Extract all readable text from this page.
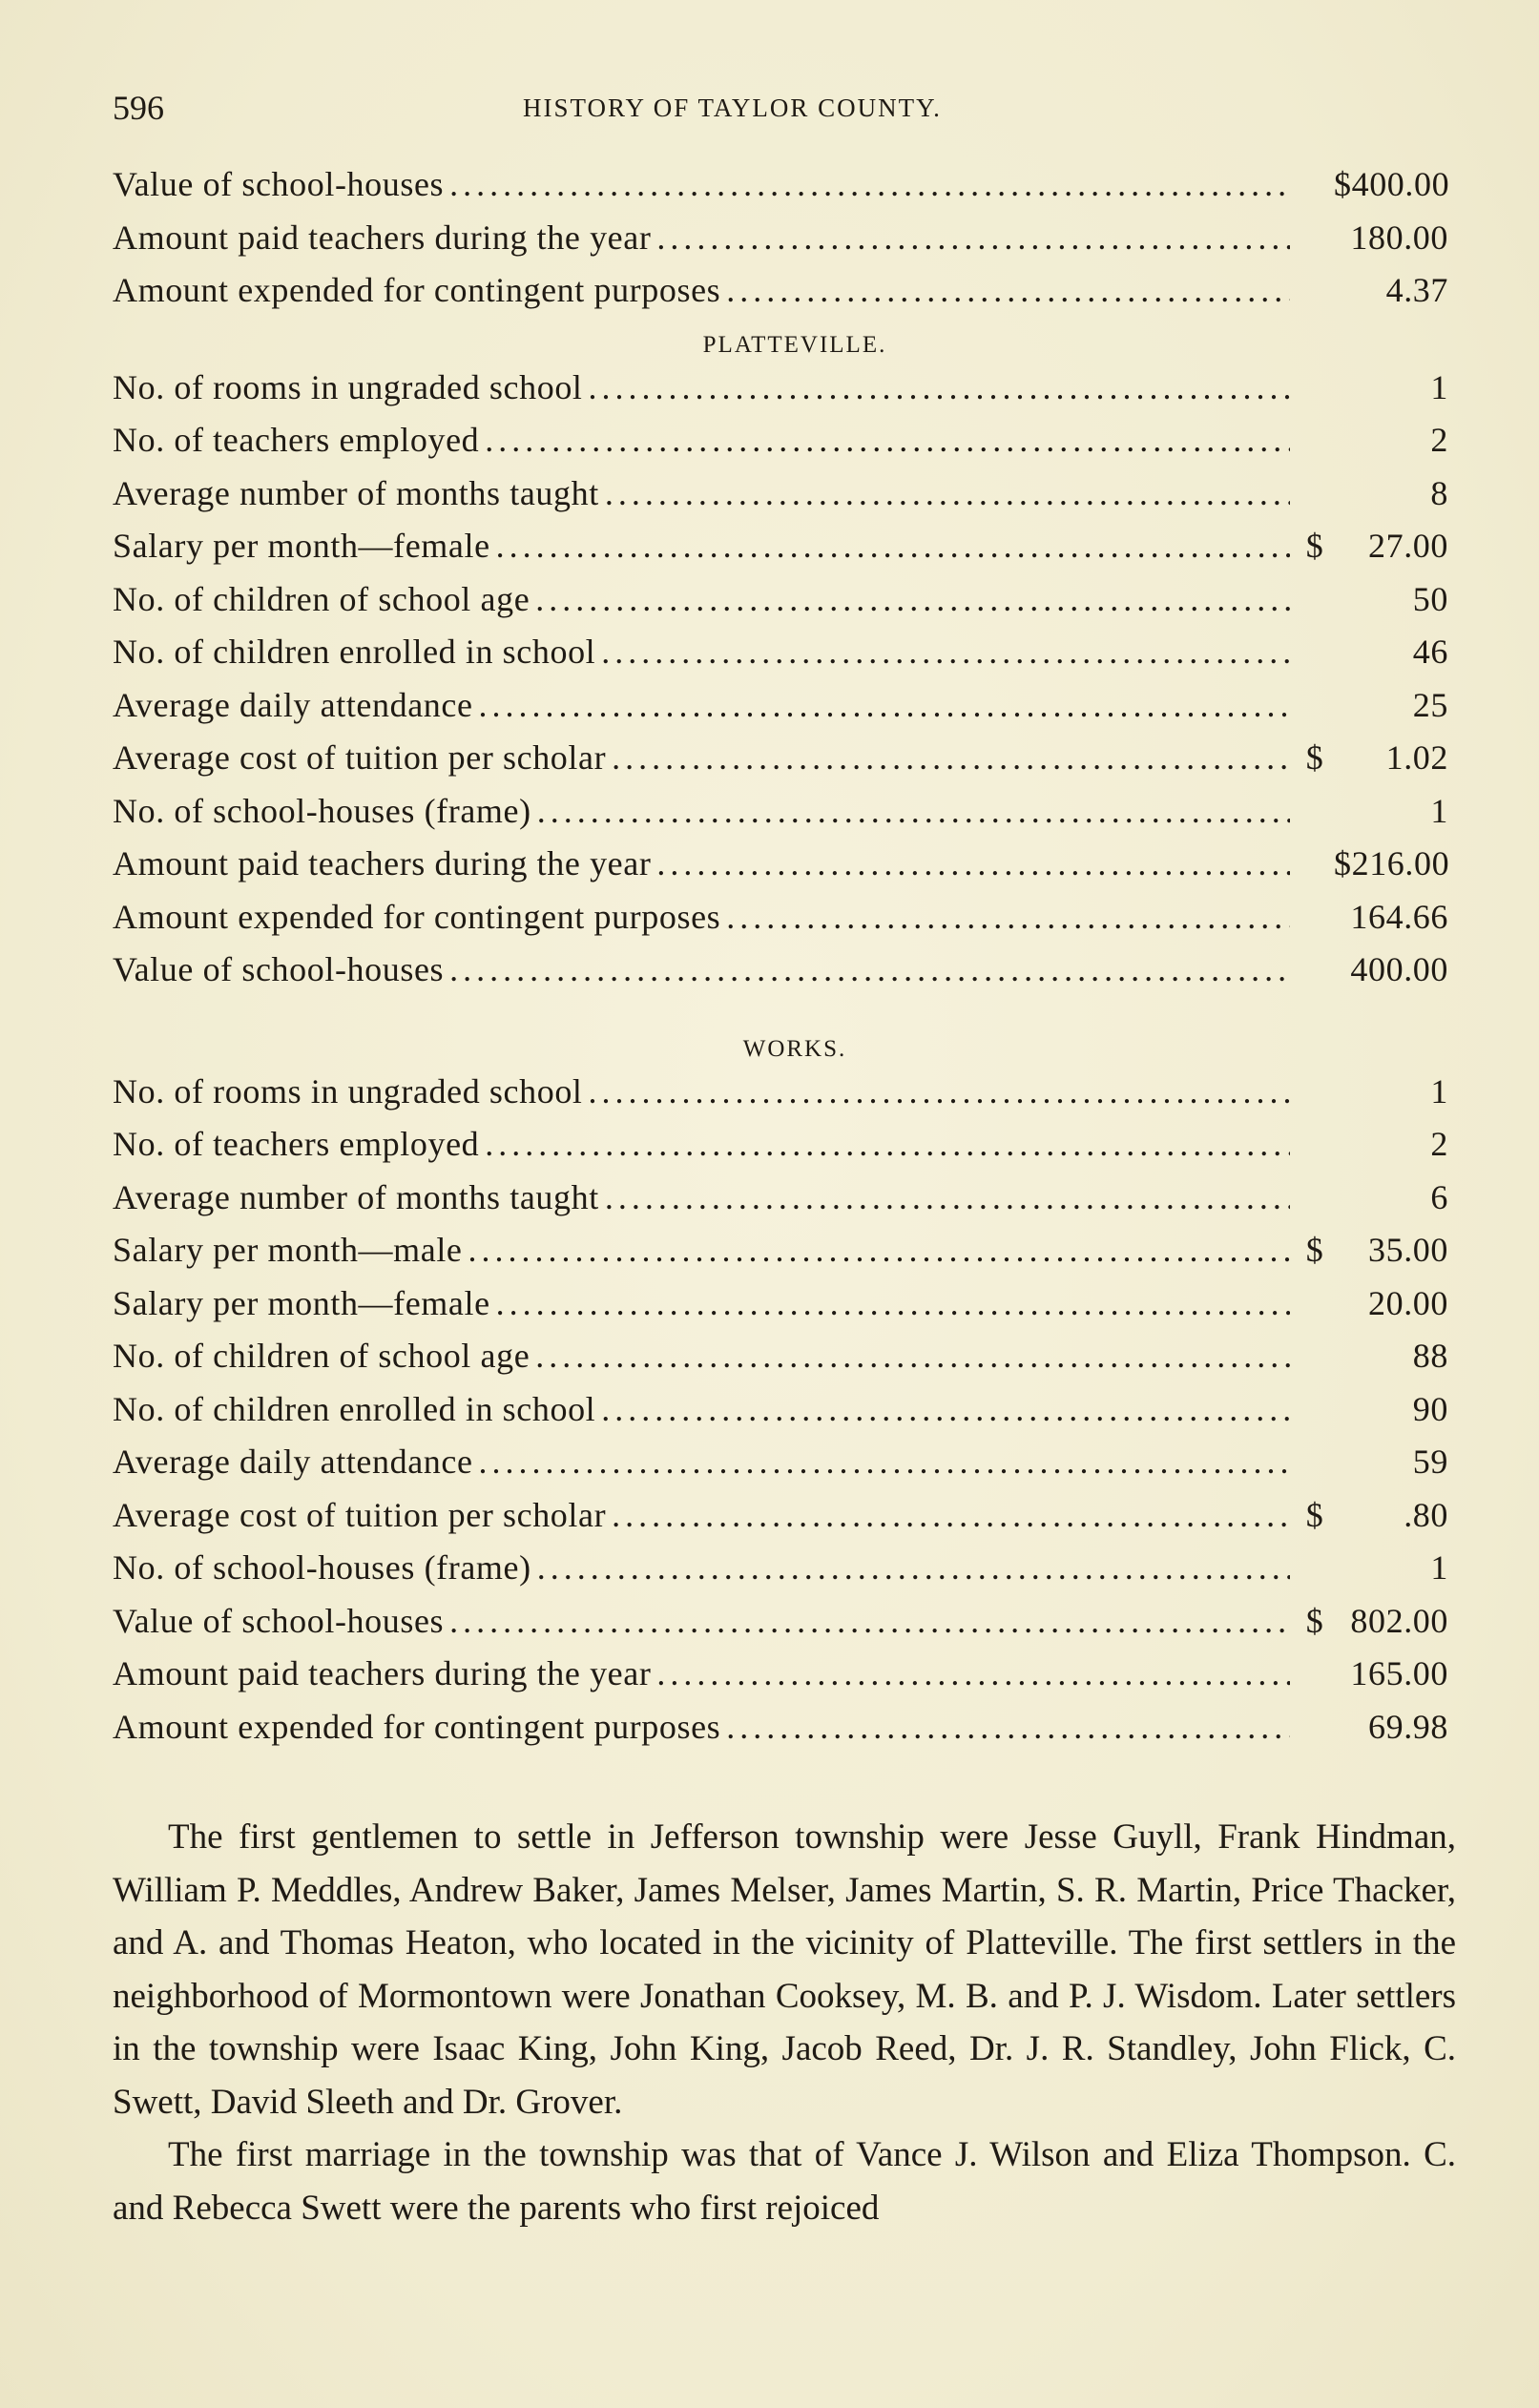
596	HISTORY OF TAYLOR COUNTY.
Value of school-houses . . .	$400.00
Amount paid teachers during the year . . .	180.00
Amount expended for contingent purposes . . .	4.37
PLATTEVILLE.
No. of rooms in ungraded school . . .	1
No. of teachers employed . . .	2
Average number of months taught . . .	8
Salary per month—female . . .	$	27.00
No. of children of school age . . .	50
No. of children enrolled in school . . .	46
Average daily attendance . . .	25
Average cost of tuition per scholar . . .	$	1.02
No. of school-houses (frame) . . .	1
Amount paid teachers during the year . . .	$216.00
Amount expended for contingent purposes . . .	164.66
Value of school-houses . . .	400.00
WORKS.
No. of rooms in ungraded school . . .	1
No. of teachers employed . . .	2
Average number of months taught . . .	6
Salary per month—male . . .	$	35.00
Salary per month—female . . .	20.00
No. of children of school age . . .	88
No. of children enrolled in school . . .	90
Average daily attendance . . .	59
Average cost of tuition per scholar . . .	$	.80
No. of school-houses (frame) . . .	1
Value of school-houses . . .	$ 802.00
Amount paid teachers during the year . . .	165.00
Amount expended for contingent purposes . . .	69.98

The first gentlemen to settle in Jefferson township were Jesse Guyll, Frank Hindman, William P. Meddles, Andrew Baker, James Melser, James Martin, S. R. Martin, Price Thacker, and A. and Thomas Heaton, who located in the vicinity of Platteville. The first settlers in the neighborhood of Mormontown were Jonathan Cooksey, M. B. and P. J. Wisdom. Later settlers in the township were Isaac King, John King, Jacob Reed, Dr. J. R. Standley, John Flick, C. Swett, David Sleeth and Dr. Grover.

The first marriage in the township was that of Vance J. Wilson and Eliza Thompson. C. and Rebecca Swett were the parents who first rejoiced
